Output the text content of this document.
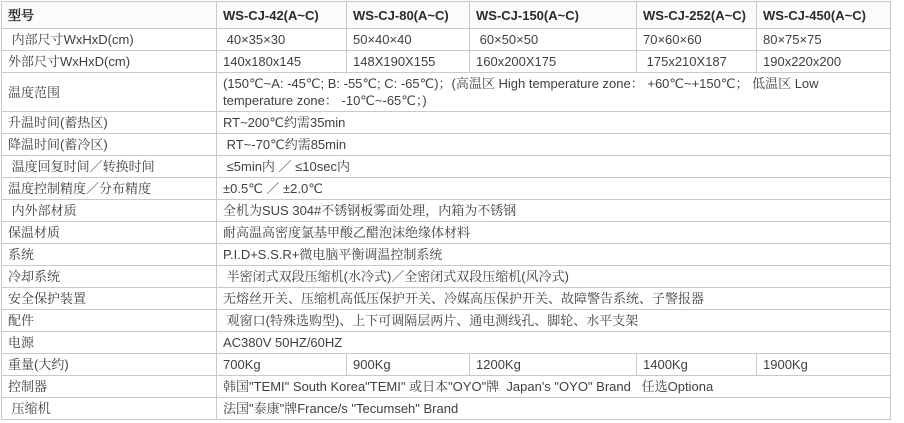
型号	WS-CJ-42(A~C)	WS-CJ-80(A~C)	WS-CJ-150(A~C)	WS-CJ-252(A~C)	WS-CJ-450(A~C)
内部尺寸WxHxD(cm)	40×35×30	50×40×40	60×50×50	70×60×60	80×75×75
外部尺寸WxHxD(cm)	140x180x145	148X190X155	160x200X175	175x210X187	190x220x200
温度范围	(150℃~A: -45℃; B: -55℃; C: -65℃)；(高温区 High temperature zone： +60℃~+150℃； 低温区 Low temperature zone： -10℃~-65℃；)				
升温时间(蓄热区)	RT~200℃约需35min				
降温时间(蓄冷区)	RT~-70℃约需85min				
温度回复时间／转换时间	≤5min内 ／ ≤10sec内				
温度控制精度／分布精度	±0.5℃ ／ ±2.0℃				
内外部材质	全机为SUS 304#不锈钢板雾面处理，内箱为不锈钢				
保温材质	耐高温高密度氯基甲酸乙醋泡沫绝缘体材料				
系统	P.I.D+S.S.R+微电脑平衡调温控制系统				
冷却系统	半密闭式双段压缩机(水冷式)／全密闭式双段压缩机(风冷式)				
安全保护装置	无熔丝开关、压缩机高低压保护开关、冷媒高压保护开关、故障警告系统、子警报器				
配件	观窗口(特殊选购型)、上下可调隔层两片、通电测线孔、脚轮、水平支架				
电源	AC380V 50HZ/60HZ				
重量(大约)	700Kg	900Kg	1200Kg	1400Kg	1900Kg
控制器	韩国"TEMI" South Korea"TEMI" 或日本"OYO"牌  Japan's "OYO" Brand   任选Optiona				
压缩机	法国"泰康"牌France/s "Tecumseh" Brand				
